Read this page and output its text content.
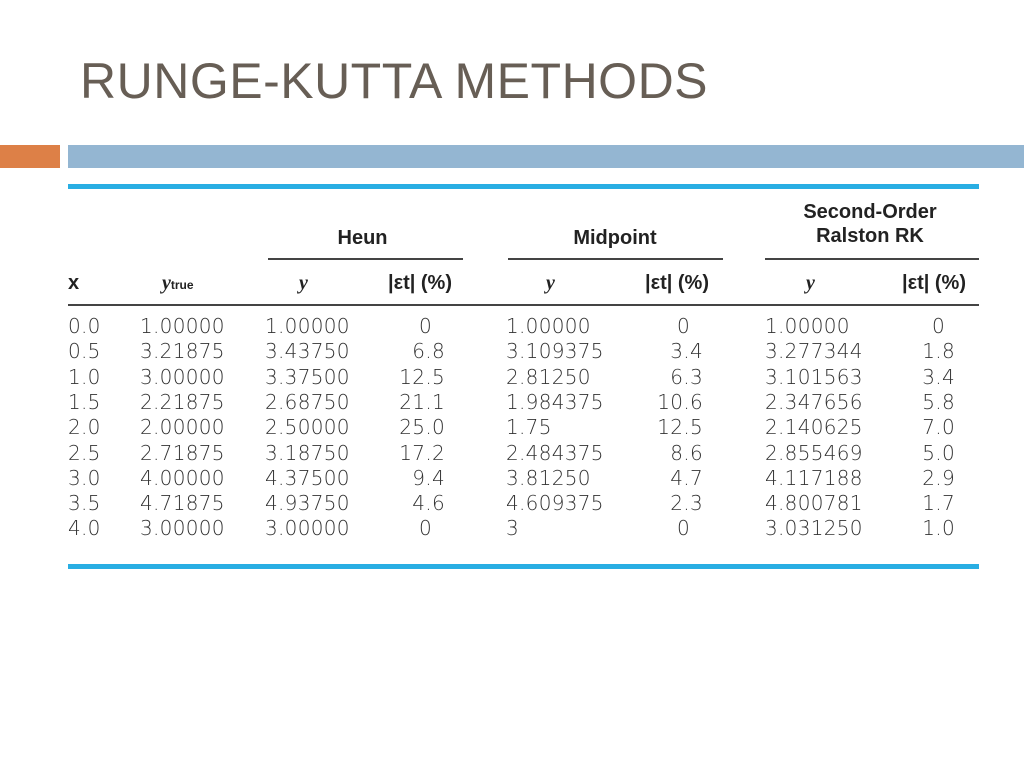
RUNGE-KUTTA METHODS
Heun	Midpoint
Second-Order
Ralston RK
x	ytrue	y	|εt| (%)	y	|εt| (%)	y	|εt| (%)
0.0 1.00000 1.00000	0	1.00000	0	1.00000	0
0.5 3.21875 3.43750	6.8	3.109375	3.4	3.277344	1.8
1.0 3.00000 3.37500 12.5	2.81250	6.3	3.101563	3.4
1.5 2.21875 2.68750 21.1	1.984375	10.6	2.347656	5.8
2.0 2.00000 2.50000 25.0	1.75	12.5	2.140625	7.0
2.5 2.71875 3.18750 17.2	2.484375	8.6	2.855469	5.0
3.0 4.00000 4.37500	9.4	3.81250	4.7	4.117188	2.9
3.5 4.71875 4.93750	4.6	4.609375	2.3	4.800781	1.7
4.0 3.00000 3.00000	0	3	0	3.031250	1.0
